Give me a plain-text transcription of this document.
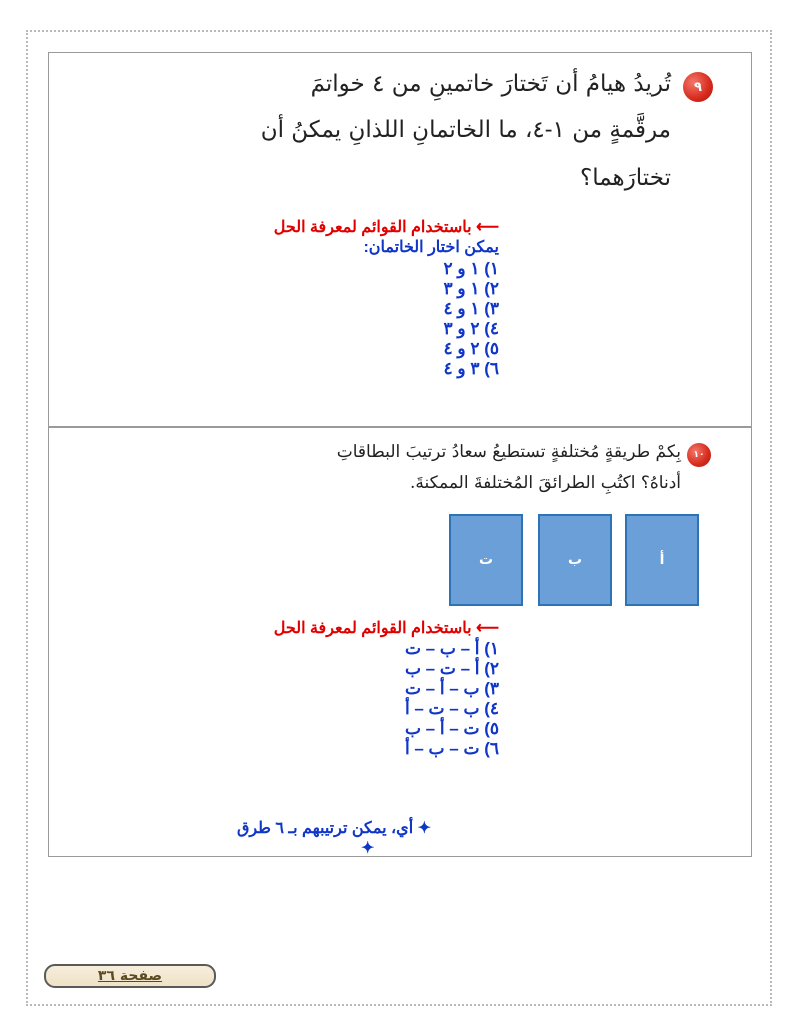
٩
تُريدُ هيامُ أن تَختارَ خاتمينِ من ٤ خواتمَ
مرقَّمةٍ من ١-٤، ما الخاتمانِ اللذانِ يمكنُ أن
تختارَهما؟
⟵ باستخدام القوائم لمعرفة الحل
يمكن اختار الخاتمان:
١) ١ و ٢
٢) ١ و ٣
٣) ١ و ٤
٤) ٢ و ٣
٥) ٢ و ٤
٦) ٣ و ٤
١٠
بِكمْ طريقةٍ مُختلفةٍ تستطيعُ سعادُ ترتيبَ البطاقاتِ
أدناهُ؟ اكتُبِ الطرائقَ المُختلفةَ الممكنةَ.
أ
ب
ت
⟵ باستخدام القوائم لمعرفة الحل
١) أ – ب – ت
٢) أ – ت – ب
٣) ب – أ – ت
٤) ب – ت – أ
٥) ت – أ – ب
٦) ت – ب – أ
✦ أي، يمكن ترتيبهم بـ ٦ طرق
✦
صفحة ٣٦
